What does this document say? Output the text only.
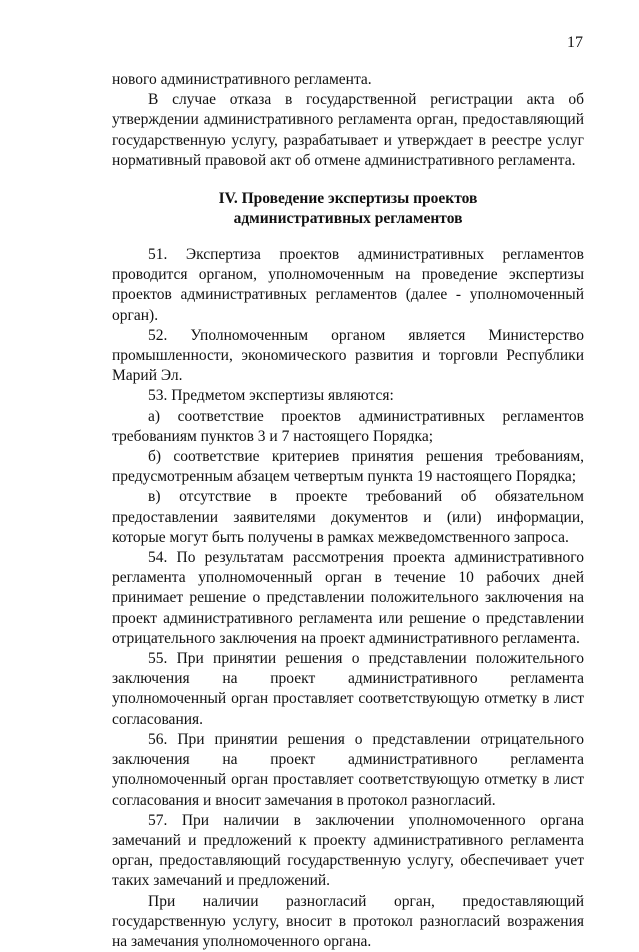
17

нового административного регламента.

В случае отказа в государственной регистрации акта об утверждении административного регламента орган, предоставляющий государственную услугу, разрабатывает и утверждает в реестре услуг нормативный правовой акт об отмене административного регламента.

IV. Проведение экспертизы проектов
административных регламентов

51. Экспертиза проектов административных регламентов проводится органом, уполномоченным на проведение экспертизы проектов административных регламентов (далее - уполномоченный орган).

52. Уполномоченным органом является Министерство промышленности, экономического развития и торговли Республики Марий Эл.

53. Предметом экспертизы являются:

а) соответствие проектов административных регламентов требованиям пунктов 3 и 7 настоящего Порядка;

б) соответствие критериев принятия решения требованиям, предусмотренным абзацем четвертым пункта 19 настоящего Порядка;

в) отсутствие в проекте требований об обязательном предоставлении заявителями документов и (или) информации, которые могут быть получены в рамках межведомственного запроса.

54. По результатам рассмотрения проекта административного регламента уполномоченный орган в течение 10 рабочих дней принимает решение о представлении положительного заключения на проект административного регламента или решение о представлении отрицательного заключения на проект административного регламента.

55. При принятии решения о представлении положительного заключения на проект административного регламента уполномоченный орган проставляет соответствующую отметку в лист согласования.

56. При принятии решения о представлении отрицательного заключения на проект административного регламента уполномоченный орган проставляет соответствующую отметку в лист согласования и вносит замечания в протокол разногласий.

57. При наличии в заключении уполномоченного органа замечаний и предложений к проекту административного регламента орган, предоставляющий государственную услугу, обеспечивает учет таких замечаний и предложений.

При наличии разногласий орган, предоставляющий государственную услугу, вносит в протокол разногласий возражения на замечания уполномоченного органа.
